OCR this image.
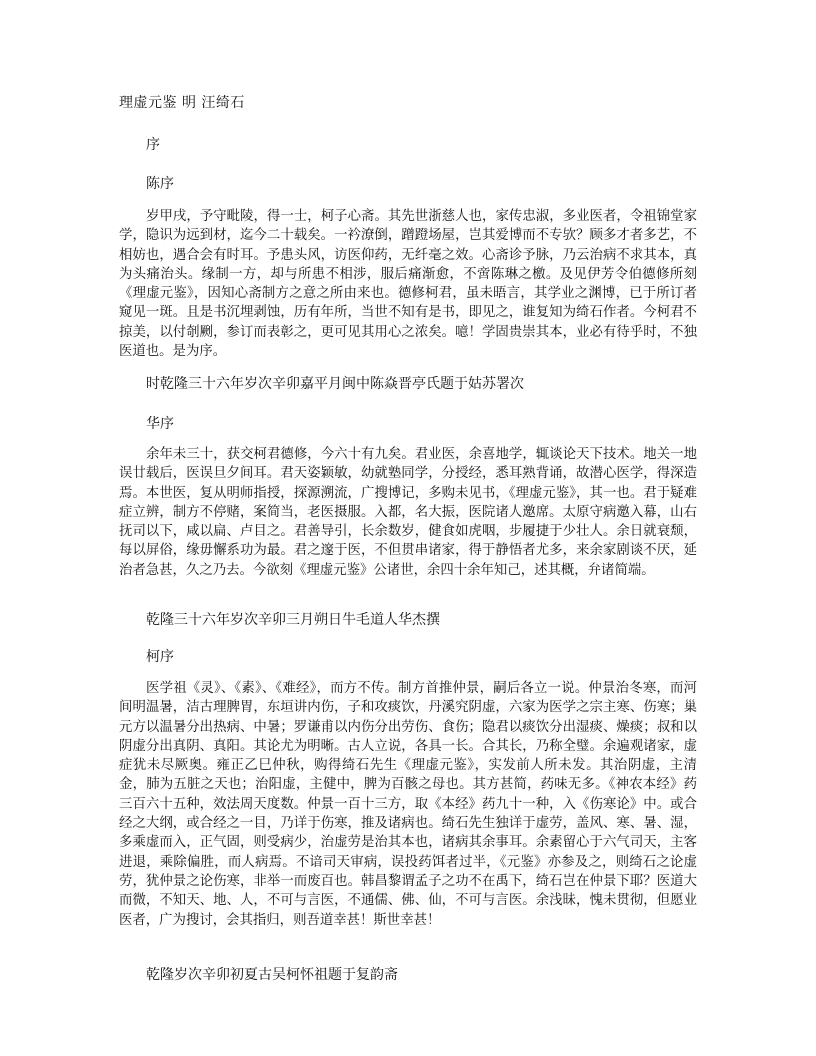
理虚元鉴 明 汪绮石
序
陈序

岁甲戌，予守毗陵，得一士，柯子心斋。其先世浙慈人也，家传忠淑，多业医者，令祖锦堂家学，隐识为远到材，迄今二十载矣。一衿潦倒，蹭蹬场屋，岂其爱博而不专欤？顾多才者多艺，不相妨也，遇合会有时耳。予患头风，访医仰药，无纤毫之效。心斋诊予脉，乃云治病不求其本，真为头痛治头。缘制一方，却与所患不相涉，服后痛渐愈，不啻陈琳之檄。及见伊芳令伯德修所刻《理虚元鉴》，因知心斋制方之意之所由来也。德修柯君，虽未晤言，其学业之渊博，已于所订者窥见一斑。且是书沉埋剥蚀，历有年所，当世不知有是书，即见之，谁复知为绮石作者。今柯君不掠美，以付剞劂，参订而表彰之，更可见其用心之浓矣。噫！学固贵崇其本，业必有待乎时，不独医道也。是为序。

时乾隆三十六年岁次辛卯嘉平月闽中陈焱晋亭氏题于姑苏署次
华序

余年未三十，获交柯君德修，今六十有九矣。君业医，余喜地学，辄谈论天下技术。地关一地误廿载后，医误旦夕间耳。君天姿颖敏，幼就塾同学，分授经，悉耳熟背诵，故潜心医学，得深造焉。本世医，复从明师指授，探源溯流，广搜博记，多购未见书，《理虚元鉴》，其一也。君于疑难症立辨，制方不停赌，案简当，老医摄服。入都，名大振，医院诸人邀席。太原守病邀入幕，山右抚司以下，咸以扁、卢目之。君善导引，长余数岁，健食如虎咽，步履捷于少壮人。余日就衰颓，每以屏俗，缘毋懈系功为最。君之邃于医，不但贯串诸家，得于静悟者尤多，来余家剧谈不厌，延治者急甚，久之乃去。今欲刻《理虚元鉴》公诸世，余四十余年知己，述其概，弁诸简端。

乾隆三十六年岁次辛卯三月朔日牛毛道人华杰撰
柯序

医学祖《灵》、《素》、《难经》，而方不传。制方首推仲景，嗣后各立一说。仲景治冬寒，而河间明温暑，洁古理脾胃，东垣讲内伤，子和攻痰饮，丹溪究阴虚，六家为医学之宗主寒、伤寒；巢元方以温暑分出热病、中暑；罗谦甫以内伤分出劳伤、食伤；隐君以痰饮分出湿痰、燥痰；叔和以阴虚分出真阴、真阳。其论尤为明晰。古人立说，各具一长。合其长，乃称全璧。余遍观诸家，虚症犹未尽厥奥。雍正乙巳仲秋，购得绮石先生《理虚元鉴》，实发前人所未发。其治阴虚，主清金，肺为五脏之天也；治阳虚，主健中，脾为百骸之母也。其方甚简，药味无多。《神农本经》药三百六十五种，效法周天度数。仲景一百十三方，取《本经》药九十一种，入《伤寒论》中。或合经之大纲，或合经之一目，乃详于伤寒，推及诸病也。绮石先生独详于虚劳，盖风、寒、暑、湿，多乘虚而入，正气固，则受病少，治虚劳是治其本也，诸病其余事耳。余素留心于六气司天，主客进退，乘除偏胜，而人病焉。不谙司天审病，误投药饵者过半，《元鉴》亦参及之，则绮石之论虚劳，犹仲景之论伤寒，非举一而废百也。韩昌黎谓孟子之功不在禹下，绮石岂在仲景下耶？医道大而微，不知天、地、人，不可与言医，不通儒、佛、仙，不可与言医。余浅昧，愧未贯彻，但愿业医者，广为搜讨，会其指归，则吾道幸甚！斯世幸甚！

乾隆岁次辛卯初夏古吴柯怀祖题于复韵斋
